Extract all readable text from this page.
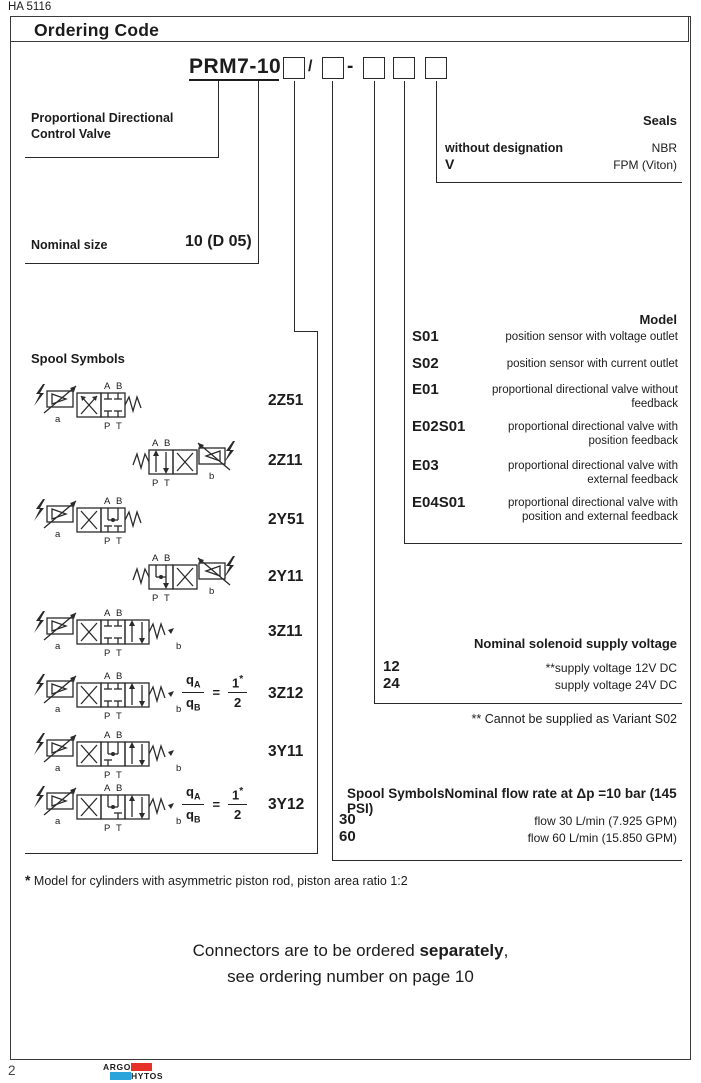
HA 5116
Ordering Code
PRM7-10 / -
Proportional Directional Control Valve
Nominal size	10 (D 05)
Spool Symbols
Seals
without designation	NBR
V	FPM (Viton)
Model
S01	position sensor with voltage outlet
S02	position sensor with current outlet
E01	proportional directional valve without feedback
E02S01	proportional directional valve with position feedback
E03	proportional directional valve with external feedback
E04S01	proportional directional valve with position and external feedback
Nominal solenoid supply voltage
12	**supply voltage 12V DC
24	supply voltage 24V DC
** Cannot be supplied as Variant S02
Spool SymbolsNominal flow rate at Δp =10 bar (145 PSI)
30	flow 30 L/min (7.925 GPM)
60	flow 60 L/min (15.850 GPM)
A B
P T
a
2Z51
A B
P T
b
2Z11
A B
P T
a
2Y51
A B
P T
b
2Y11
A B
P T
a	b
3Z11
A B
P T
a	b $\frac{q_A}{q_B} = \frac{1^*}{2} 3Z12$
A B
P T
a	b
3Y11
A B
P T
a	b $\frac{q_A}{q_B} = \frac{1^*}{2} 3Y12$
* Model for cylinders with asymmetric piston rod, piston area ratio 1:2
Connectors are to be ordered separately,
see ordering number on page 10
2	ARGO
HYTOS
